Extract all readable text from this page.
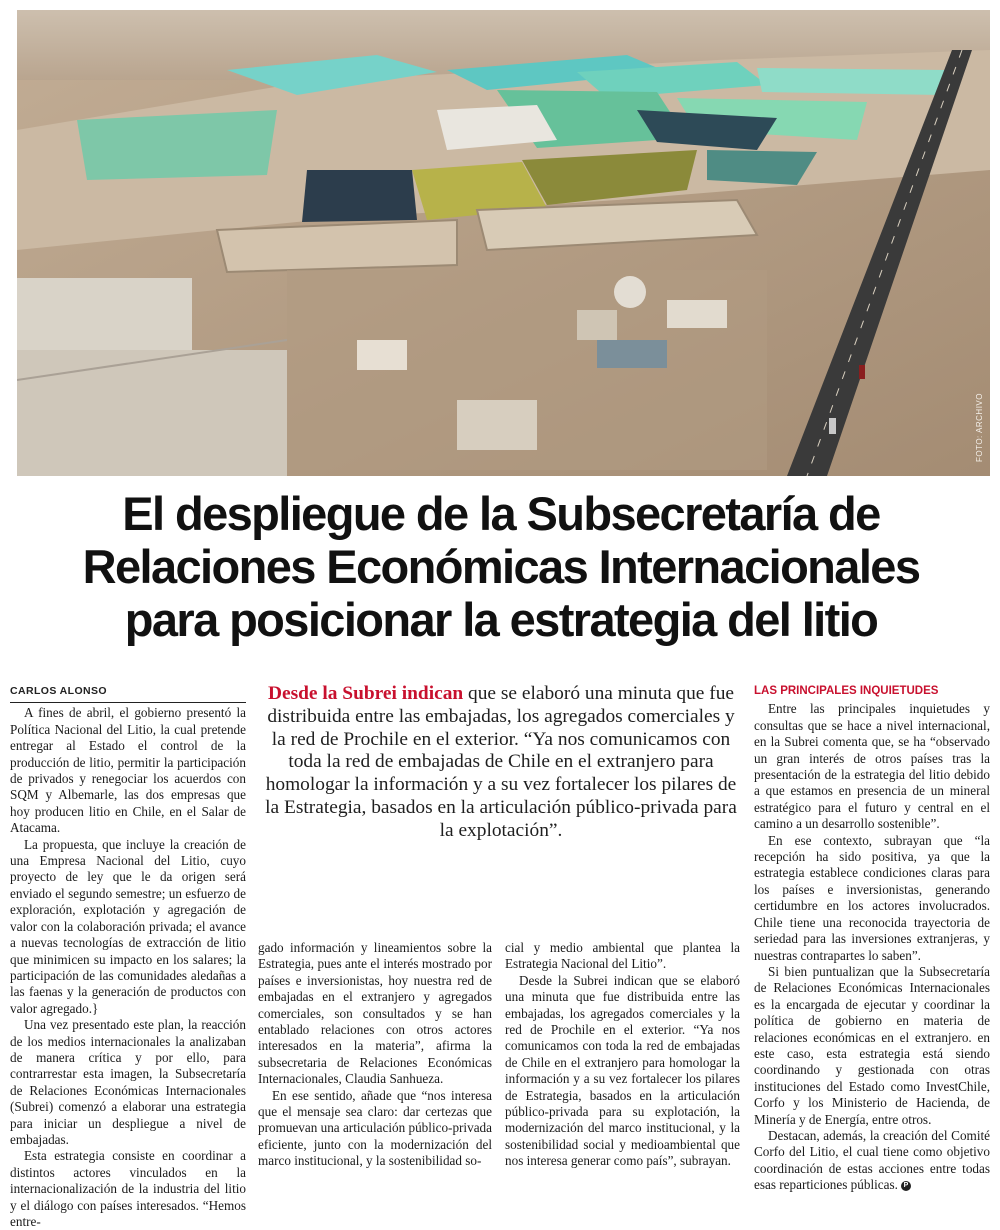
FOTO: ARCHIVO
El despliegue de la Subsecretaría de
Relaciones Económicas Internacionales
para posicionar la estrategia del litio
CARLOS ALONSO

A fines de abril, el gobierno presentó la Política Nacional del Litio, la cual pretende entregar al Estado el control de la producción de litio, permitir la participación de privados y renegociar los acuerdos con SQM y Albemarle, las dos empresas que hoy producen litio en Chile, en el Salar de Atacama.

La propuesta, que incluye la creación de una Empresa Nacional del Litio, cuyo proyecto de ley que le da origen será enviado el segundo semestre; un esfuerzo de exploración, explotación y agregación de valor con la colaboración privada; el avance a nuevas tecnologías de extracción de litio que minimicen su impacto en los salares; la participación de las comunidades aledañas a las faenas y la generación de productos con valor agregado.}

Una vez presentado este plan, la reacción de los medios internacionales la analizaban de manera crítica y por ello, para contrarrestar esta imagen, la Subsecretaría de Relaciones Económicas Internacionales (Subrei) comenzó a elaborar una estrategia para iniciar un despliegue a nivel de embajadas.

Esta estrategia consiste en coordinar a distintos actores vinculados en la internacionalización de la industria del litio y el diálogo con países interesados. “Hemos entre-

Desde la Subrei indican que se elaboró una minuta que fue distribuida entre las embajadas, los agregados comerciales y la red de Prochile en el exterior. “Ya nos comunicamos con toda la red de embajadas de Chile en el extranjero para homologar la información y a su vez fortalecer los pilares de la Estrategia, basados en la articulación público-privada para la explotación”.

gado información y lineamientos sobre la Estrategia, pues ante el interés mostrado por países e inversionistas, hoy nuestra red de embajadas en el extranjero y agregados comerciales, son consultados y se han entablado relaciones con otros actores interesados en la materia”, afirma la subsecretaria de Relaciones Económicas Internacionales, Claudia Sanhueza.

En ese sentido, añade que “nos interesa que el mensaje sea claro: dar certezas que promuevan una articulación público-privada eficiente, junto con la modernización del marco institucional, y la sostenibilidad so-

cial y medio ambiental que plantea la Estrategia Nacional del Litio”.

Desde la Subrei indican que se elaboró una minuta que fue distribuida entre las embajadas, los agregados comerciales y la red de Prochile en el exterior. “Ya nos comunicamos con toda la red de embajadas de Chile en el extranjero para homologar la información y a su vez fortalecer los pilares de Estrategia, basados en la articulación público-privada para su explotación, la modernización del marco institucional, y la sostenibilidad social y medioambiental que nos interesa generar como país”, subrayan.

LAS PRINCIPALES INQUIETUDES

Entre las principales inquietudes y consultas que se hace a nivel internacional, en la Subrei comenta que, se ha “observado un gran interés de otros países tras la presentación de la estrategia del litio debido a que estamos en presencia de un mineral estratégico para el futuro y central en el camino a un desarrollo sostenible”.

En ese contexto, subrayan que “la recepción ha sido positiva, ya que la estrategia establece condiciones claras para los países e inversionistas, generando certidumbre en los actores involucrados. Chile tiene una reconocida trayectoria de seriedad para las inversiones extranjeras, y nuestras contrapartes lo saben”.

Si bien puntualizan que la Subsecretaría de Relaciones Económicas Internacionales es la encargada de ejecutar y coordinar la política de gobierno en materia de relaciones económicas en el extranjero. en este caso, esta estrategia está siendo coordinando y gestionada con otras instituciones del Estado como InvestChile, Corfo y los Ministerio de Hacienda, de Minería y de Energía, entre otros.

Destacan, además, la creación del Comité Corfo del Litio, el cual tiene como objetivo coordinación de estas acciones entre todas esas reparticiones públicas. P
